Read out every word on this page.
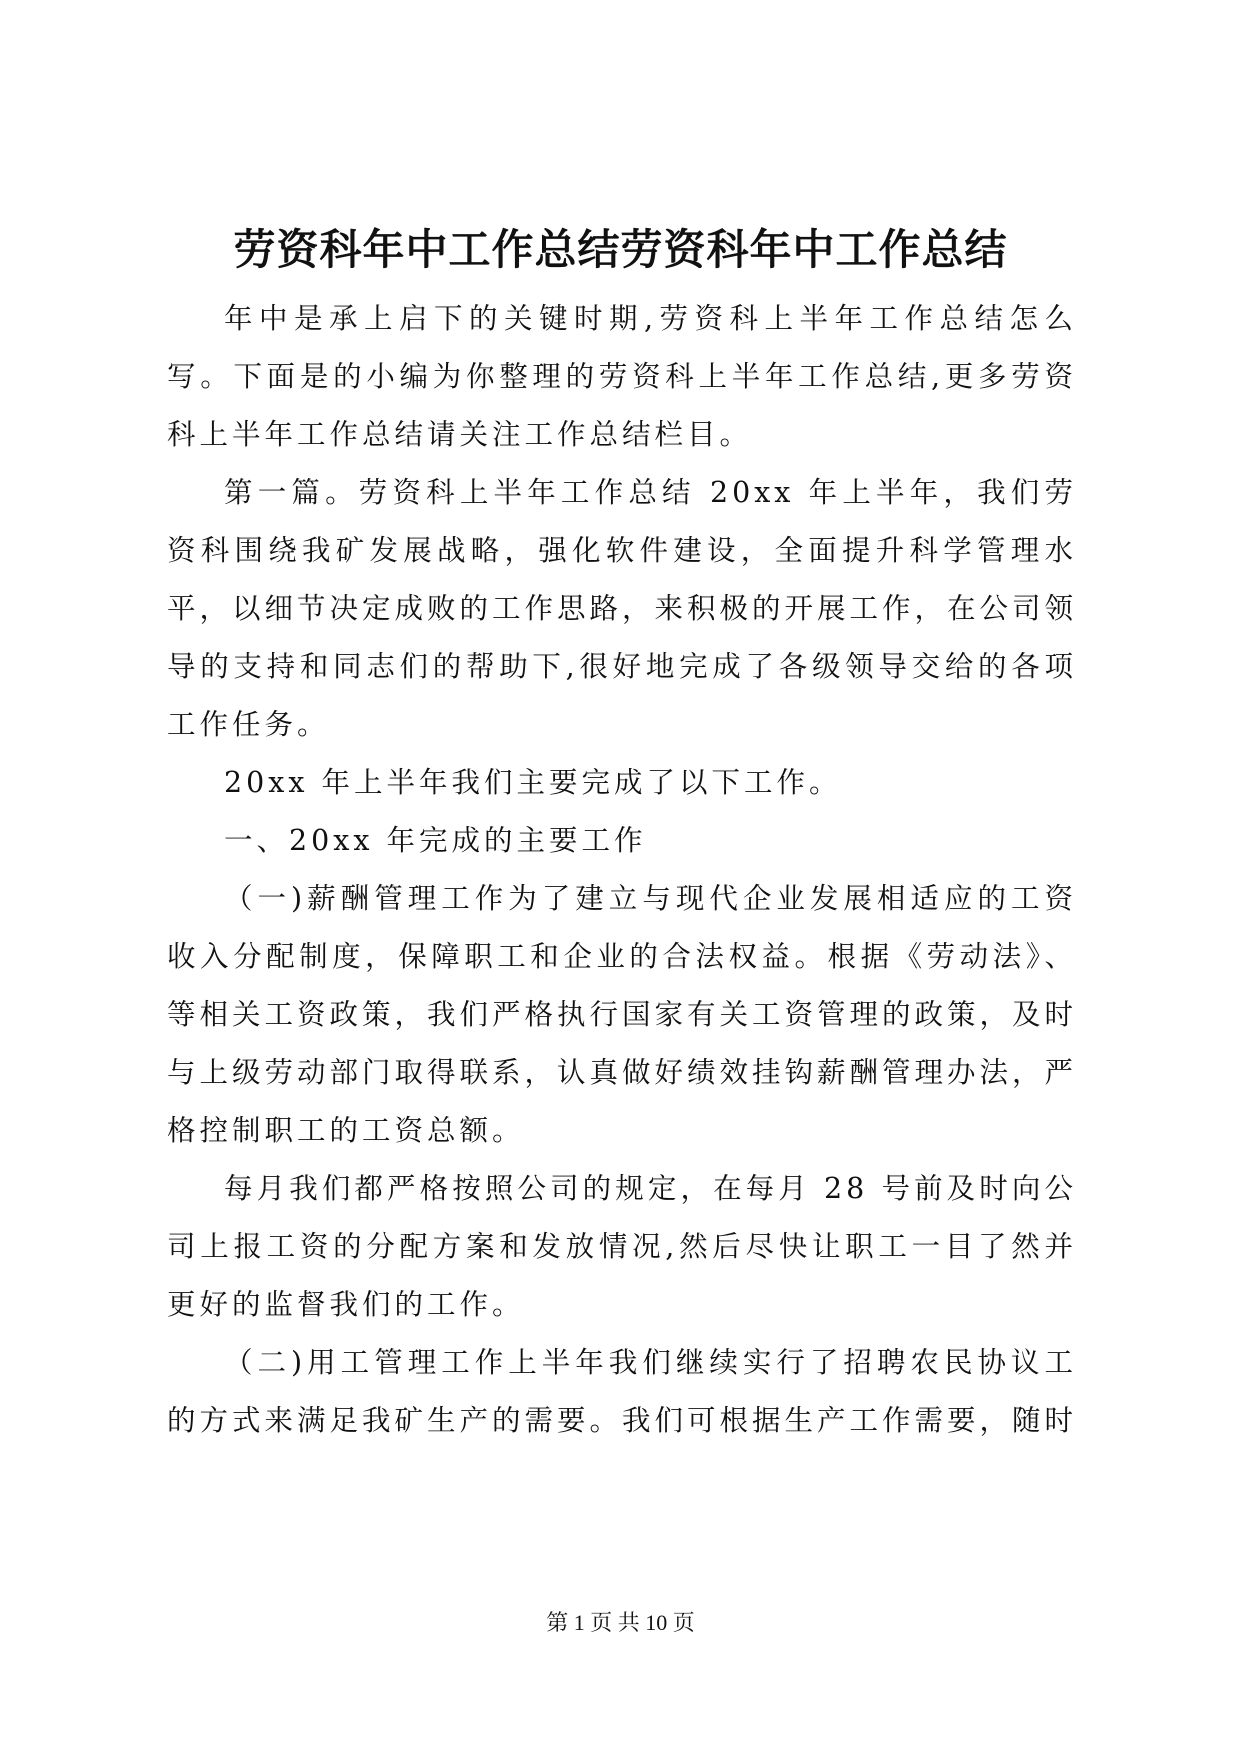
劳资科年中工作总结劳资科年中工作总结

年中是承上启下的关键时期,劳资科上半年工作总结怎么写。下面是的小编为你整理的劳资科上半年工作总结,更多劳资科上半年工作总结请关注工作总结栏目。

第一篇。劳资科上半年工作总结 20xx 年上半年，我们劳资科围绕我矿发展战略，强化软件建设，全面提升科学管理水平，以细节决定成败的工作思路，来积极的开展工作，在公司领导的支持和同志们的帮助下,很好地完成了各级领导交给的各项工作任务。

20xx 年上半年我们主要完成了以下工作。

一、20xx 年完成的主要工作

（一)薪酬管理工作为了建立与现代企业发展相适应的工资收入分配制度，保障职工和企业的合法权益。根据《劳动法》、等相关工资政策，我们严格执行国家有关工资管理的政策，及时与上级劳动部门取得联系，认真做好绩效挂钩薪酬管理办法，严格控制职工的工资总额。

每月我们都严格按照公司的规定，在每月 28 号前及时向公司上报工资的分配方案和发放情况,然后尽快让职工一目了然并更好的监督我们的工作。

（二)用工管理工作上半年我们继续实行了招聘农民协议工的方式来满足我矿生产的需要。我们可根据生产工作需要，随时

第 1 页 共 10 页
